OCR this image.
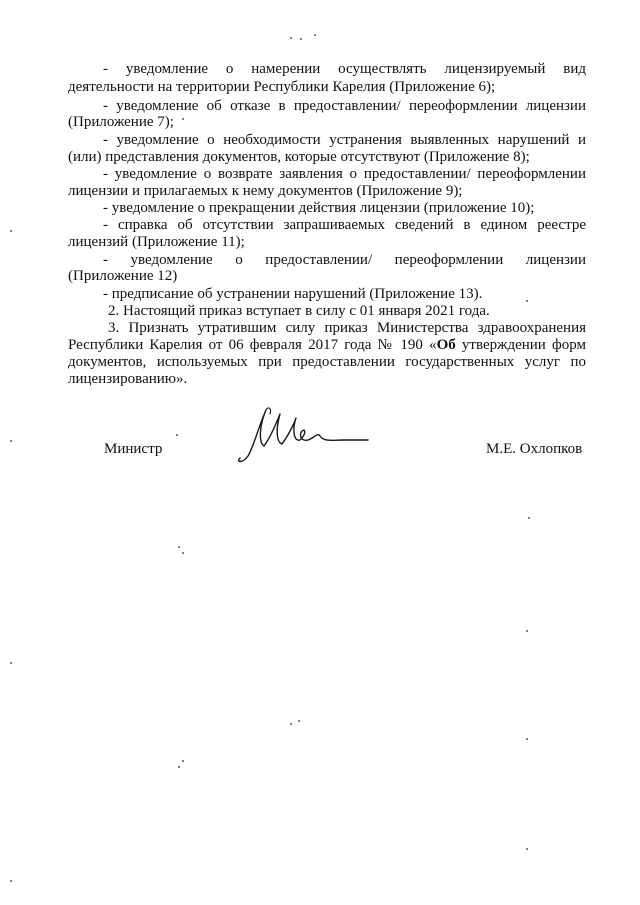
- уведомление о намерении осуществлять лицензируемый вид
деятельности на территории Республики Карелия (Приложение 6);
- уведомление об отказе в предоставлении/ переоформлении лицензии
(Приложение 7);
- уведомление о необходимости устранения выявленных нарушений и
(или) представления документов, которые отсутствуют (Приложение 8);
- уведомление о возврате заявления о предоставлении/ переоформлении
лицензии и прилагаемых к нему документов (Приложение 9);
- уведомление о прекращении действия лицензии (приложение 10);
- справка об отсутствии запрашиваемых сведений в едином реестре
лицензий (Приложение 11);
- уведомление о предоставлении/ переоформлении лицензии
(Приложение 12)
- предписание об устранении нарушений (Приложение 13).
2. Настоящий приказ вступает в силу с 01 января 2021 года.
3. Признать утратившим силу приказ Министерства здравоохранения
Республики Карелия от 06 февраля 2017 года № 190 «Об утверждении форм
документов, используемых при предоставлении государственных услуг по
лицензированию».
Министр	М.Е. Охлопков
